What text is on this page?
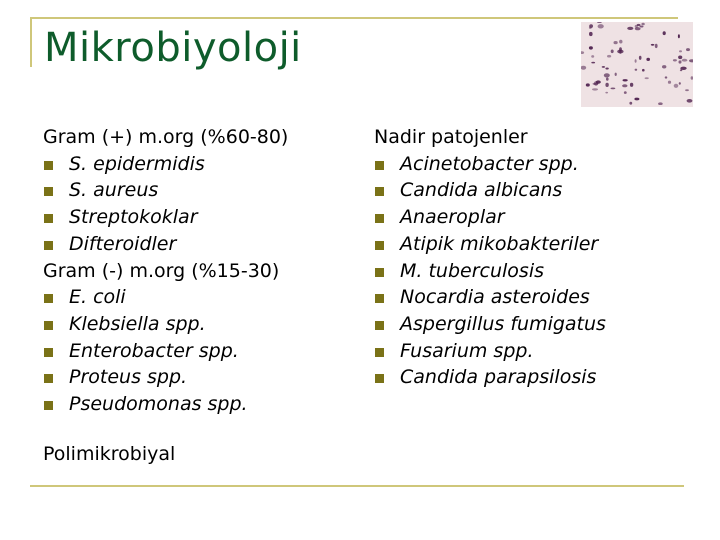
Mikrobiyoloji
Gram (+) m.org (%60-80)
S. epidermidis
S. aureus
Streptokoklar
Difteroidler
Gram (-) m.org (%15-30)
E. coli
Klebsiella spp.
Enterobacter spp.
Proteus spp.
Pseudomonas spp.
Nadir patojenler
Acinetobacter spp.
Candida albicans
Anaeroplar
Atipik mikobakteriler
M. tuberculosis
Nocardia asteroides
Aspergillus fumigatus
Fusarium spp.
Candida parapsilosis
Polimikrobiyal
